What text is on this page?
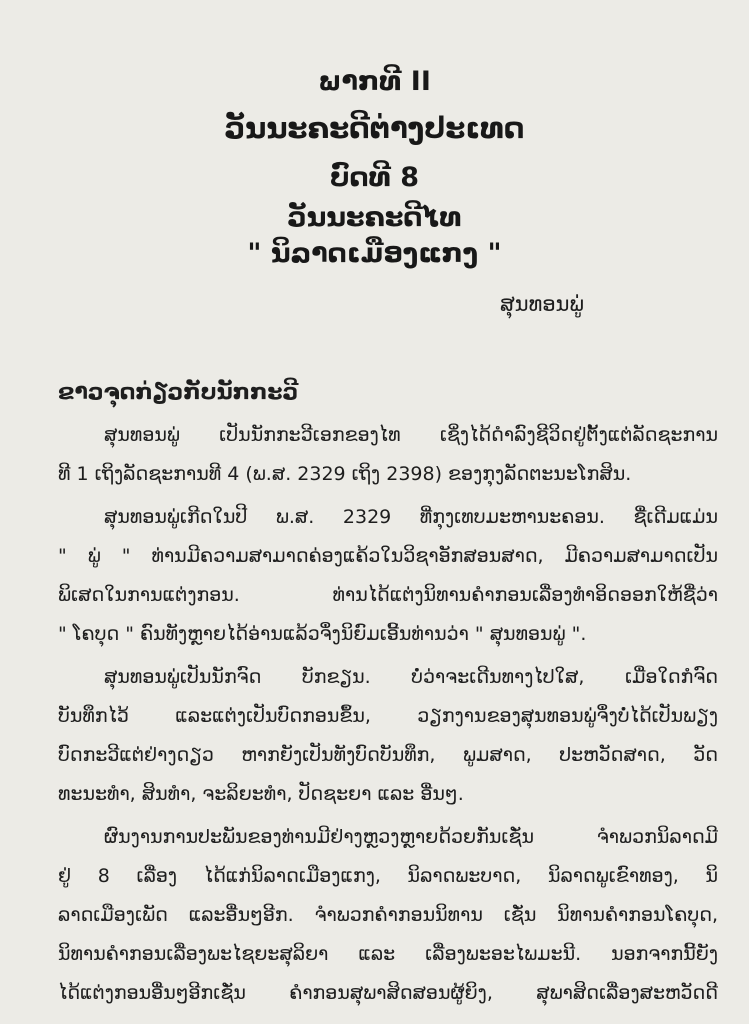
ພາກທີ II
ວັນນະຄະດີຕ່າງປະເທດ
ບົດທີ 8
ວັນນະຄະດີໄທ
" ນິລາດເມືອງແກງ "
ສຸນທອນພູ່
ຂາວຈຸດກ່ຽວກັບນັກກະວີ
ສຸນທອນພູ່ ເປັນນັກກະວີເອກຂອງໄທ ເຊິ່ງໄດ້ດຳລົງຊີວິດຢູ່ຕັ້ງແຕ່ລັດຊະການ
ທີ 1 ເຖິງລັດຊະການທີ 4 (ພ.ສ. 2329 ເຖິງ 2398) ຂອງກຸງລັດຕະນະໂກສິນ.
ສຸນທອນພູ່ເກີດໃນປີ ພ.ສ. 2329 ທີ່ກຸງເທບມະຫານະຄອນ. ຊື່ເດີມແມ່ນ
" ພູ່ " ທ່ານມີຄວາມສາມາດຄ່ອງແຄ້ວໃນວິຊາອັກສອນສາດ, ມີຄວາມສາມາດເປັນ
ພິເສດໃນການແຕ່ງກອນ. ທ່ານໄດ້ແຕ່ງນິທານຄຳກອນເລື່ອງທຳອິດອອກໃຫ້ຊື່ວ່າ
" ໂຄບຸດ " ຄົນທັງຫຼາຍໄດ້ອ່ານແລ້ວຈຶ່ງນິຍົມເອີ້ນທ່ານວ່າ " ສຸນທອນພູ່ ".
ສຸນທອນພູ່ເປັນນັກຈົດ ບັກຂຽນ. ບໍ່ວ່າຈະເດີນທາງໄປໃສ, ເມື່ອໃດກໍຈົດ
ບັນທຶກໄວ້ ແລະແຕ່ງເປັນບົດກອນຂຶ້ນ, ວຽກງານຂອງສຸນທອນພູ່ຈຶ່ງບໍ່ໄດ້ເປັນພຽງ
ບົດກະວີແຕ່ຢ່າງດຽວ ຫາກຍັງເປັນທັງບົດບັນທຶກ, ພູມສາດ, ປະຫວັດສາດ, ວັດ
ທະນະທຳ, ສິນທຳ, ຈະລິຍະທຳ, ປັດຊະຍາ ແລະ ອື່ນໆ.
ຜົນງານການປະພັນຂອງທ່ານມີຢ່າງຫຼວງຫຼາຍດ້ວຍກັນເຊັ່ນ ຈຳພວກນິລາດມີ
ຢູ່ 8 ເລື່ອງ ໄດ້ແກ່ນິລາດເມືອງແກງ, ນິລາດພະບາດ, ນິລາດພູເຂົາທອງ, ນິ
ລາດເມືອງເພັດ ແລະອື່ນໆອີກ. ຈຳພວກຄຳກອນນິທານ ເຊັ່ນ ນິທານຄຳກອນໂຄບຸດ,
ນິທານຄຳກອນເລື່ອງພະໄຊຍະສຸລິຍາ ແລະ ເລື່ອງພະອະໄພມະນີ. ນອກຈາກນີ້ຍັງ
ໄດ້ແຕ່ງກອນອື່ນໆອີກເຊັ່ນ ຄຳກອນສຸພາສິດສອນຜູ້ຍິງ, ສຸພາສິດເລື່ອງສະຫວັດດີ
